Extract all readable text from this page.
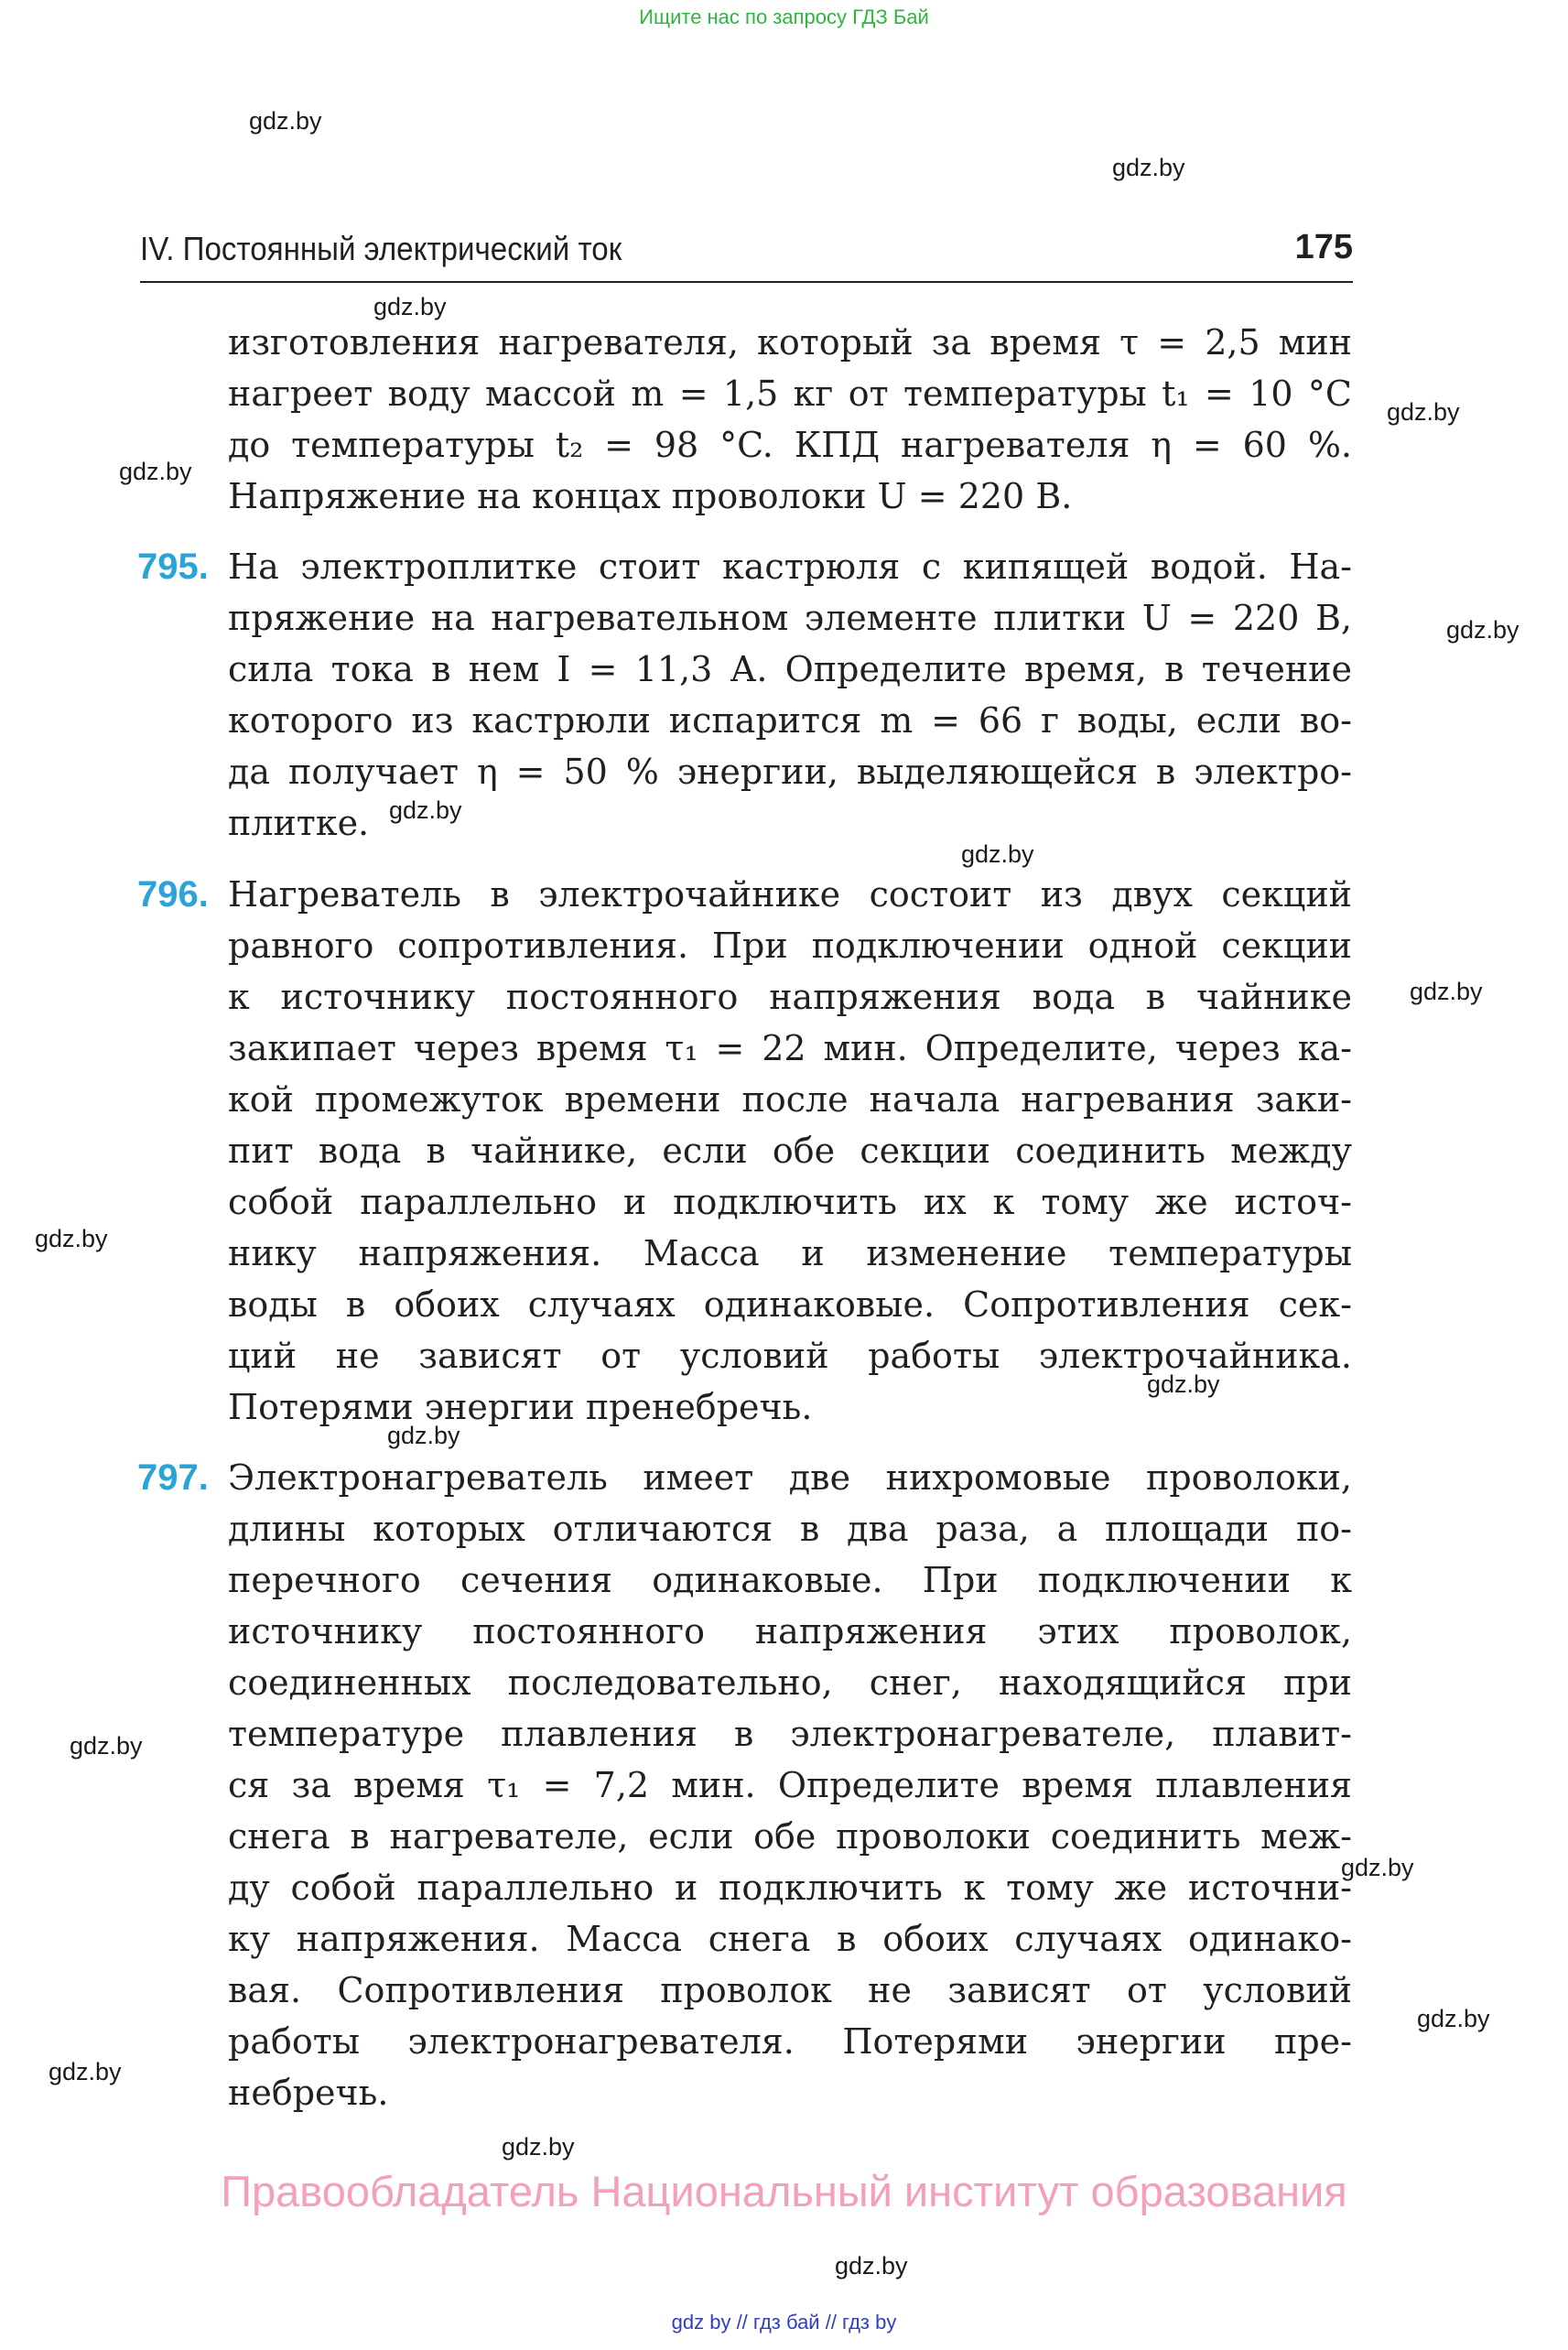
Ищите нас по запросу ГДЗ Бай
gdz.by
gdz.by
gdz.by
gdz.by
gdz.by
gdz.by
gdz.by
gdz.by
gdz.by
gdz.by
gdz.by
gdz.by
gdz.by
gdz.by
gdz.by
gdz.by
gdz.by
gdz.by
IV. Постоянный электрический ток	175
изготовления нагревателя, который за время τ = 2,5 мин
нагреет воду массой m = 1,5 кг от температуры t₁ = 10 °C
до температуры t₂ = 98 °C. КПД нагревателя η = 60 %.
Напряжение на концах проволоки U = 220 В.
795. На электроплитке стоит кастрюля с кипящей водой. На-
пряжение на нагревательном элементе плитки U = 220 В,
сила тока в нем I = 11,3 А. Определите время, в течение
которого из кастрюли испарится m = 66 г воды, если во-
да получает η = 50 % энергии, выделяющейся в электро-
плитке.
796. Нагреватель в электрочайнике состоит из двух секций
равного сопротивления. При подключении одной секции
к источнику постоянного напряжения вода в чайнике
закипает через время τ₁ = 22 мин. Определите, через ка-
кой промежуток времени после начала нагревания заки-
пит вода в чайнике, если обе секции соединить между
собой параллельно и подключить их к тому же источ-
нику напряжения. Масса и изменение температуры
воды в обоих случаях одинаковые. Сопротивления сек-
ций не зависят от условий работы электрочайника.
Потерями энергии пренебречь.
797. Электронагреватель имеет две нихромовые проволоки,
длины которых отличаются в два раза, а площади по-
перечного сечения одинаковые. При подключении к
источнику постоянного напряжения этих проволок,
соединенных последовательно, снег, находящийся при
температуре плавления в электронагревателе, плавит-
ся за время τ₁ = 7,2 мин. Определите время плавления
снега в нагревателе, если обе проволоки соединить меж-
ду собой параллельно и подключить к тому же источни-
ку напряжения. Масса снега в обоих случаях одинако-
вая. Сопротивления проволок не зависят от условий
работы электронагревателя. Потерями энергии пре-
небречь.
Правообладатель Национальный институт образования
gdz by // гдз бай // гдз by
